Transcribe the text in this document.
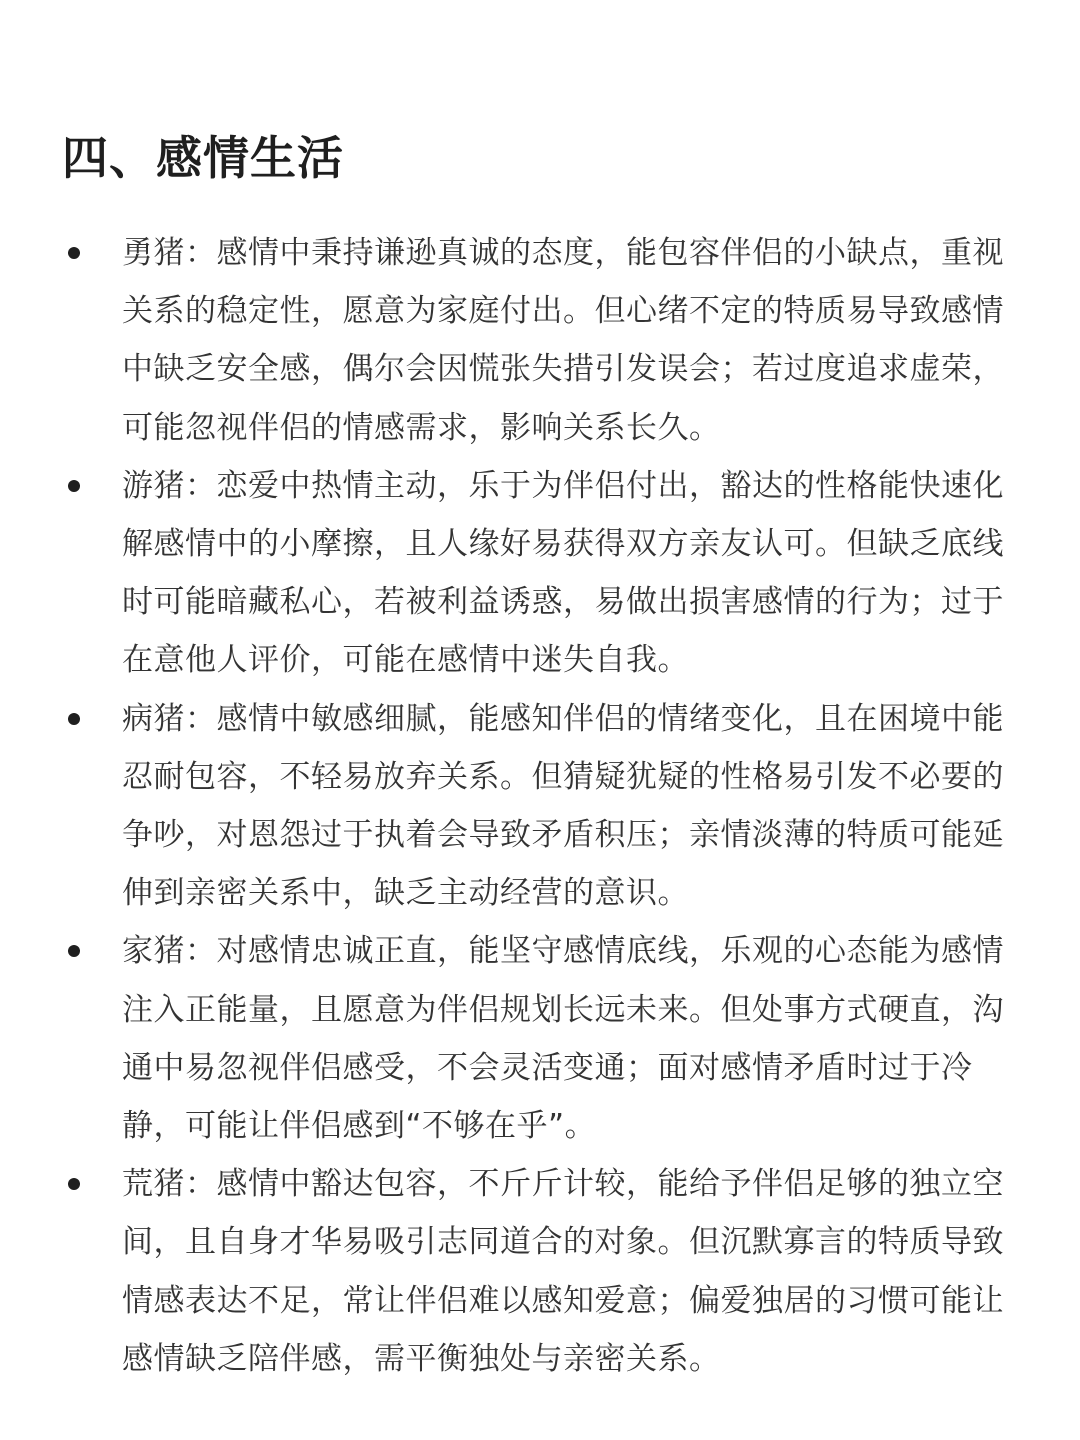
四、感情生活
勇猪：感情中秉持谦逊真诚的态度，能包容伴侣的小缺点，重视关系的稳定性，愿意为家庭付出。但心绪不定的特质易导致感情中缺乏安全感，偶尔会因慌张失措引发误会；若过度追求虚荣，可能忽视伴侣的情感需求，影响关系长久。
游猪：恋爱中热情主动，乐于为伴侣付出，豁达的性格能快速化解感情中的小摩擦，且人缘好易获得双方亲友认可。但缺乏底线时可能暗藏私心，若被利益诱惑，易做出损害感情的行为；过于在意他人评价，可能在感情中迷失自我。
病猪：感情中敏感细腻，能感知伴侣的情绪变化，且在困境中能忍耐包容，不轻易放弃关系。但猜疑犹疑的性格易引发不必要的争吵，对恩怨过于执着会导致矛盾积压；亲情淡薄的特质可能延伸到亲密关系中，缺乏主动经营的意识。
家猪：对感情忠诚正直，能坚守感情底线，乐观的心态能为感情注入正能量，且愿意为伴侣规划长远未来。但处事方式硬直，沟通中易忽视伴侣感受，不会灵活变通；面对感情矛盾时过于冷静，可能让伴侣感到“不够在乎”。
荒猪：感情中豁达包容，不斤斤计较，能给予伴侣足够的独立空间，且自身才华易吸引志同道合的对象。但沉默寡言的特质导致情感表达不足，常让伴侣难以感知爱意；偏爱独居的习惯可能让感情缺乏陪伴感，需平衡独处与亲密关系。
